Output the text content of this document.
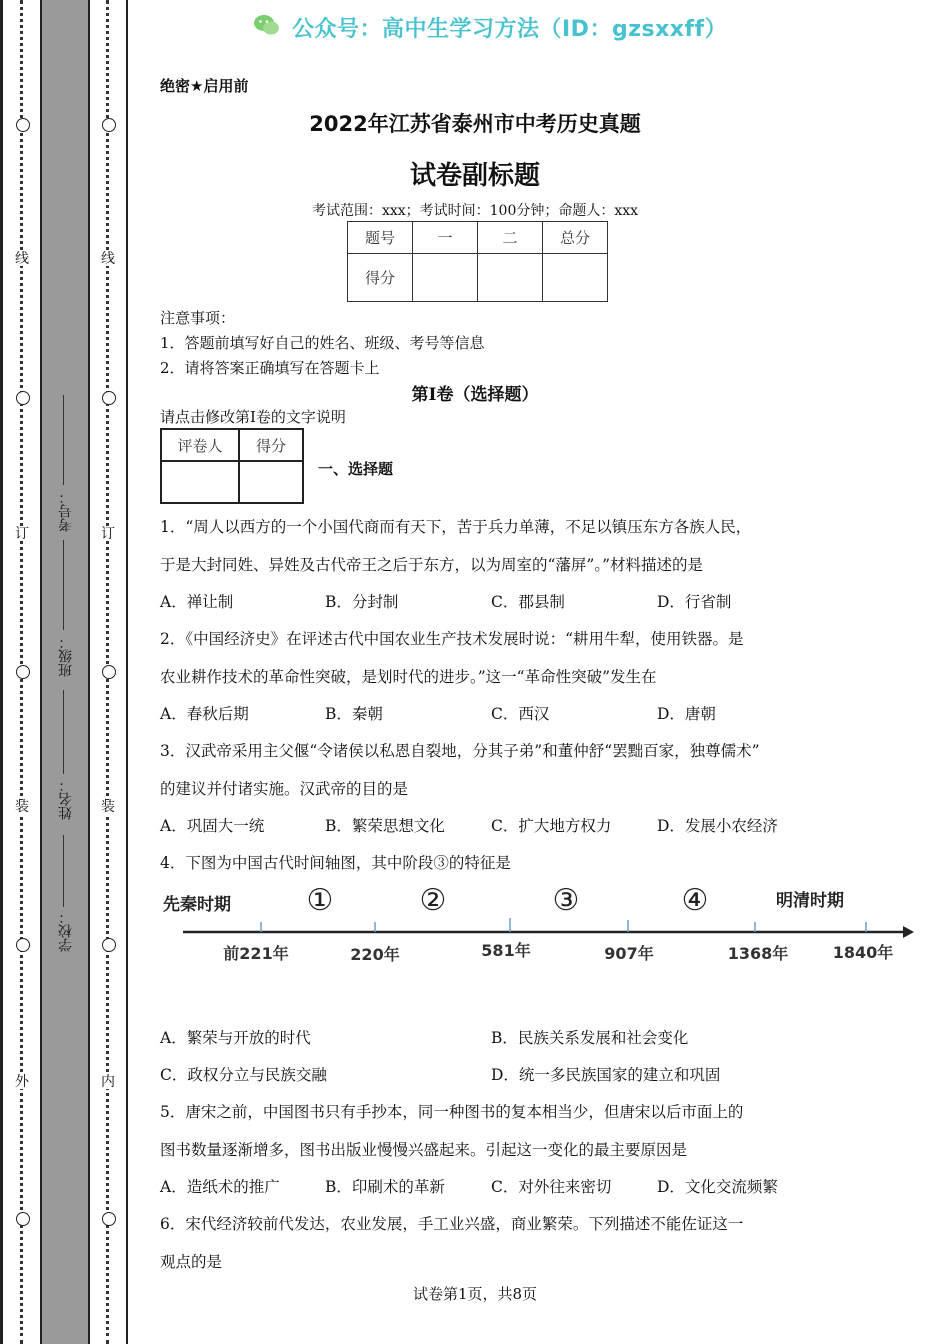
线
订
装
外
线
订
装
内
考号：
班级：
姓名：
学校：
公众号：高中生学习方法（ID：gzsxxff）
绝密★启用前
2022年江苏省泰州市中考历史真题
试卷副标题
考试范围：xxx；考试时间：100分钟；命题人：xxx
题号	一	二	总分
得分			
注意事项：
1．答题前填写好自己的姓名、班级、考号等信息
2．请将答案正确填写在答题卡上
第I卷（选择题）
请点击修改第I卷的文字说明
评卷人	得分

一、选择题
1．“周人以西方的一个小国代商而有天下，苦于兵力单薄，不足以镇压东方各族人民，
于是大封同姓、异姓及古代帝王之后于东方，以为周室的“藩屏”。”材料描述的是
A．禅让制	B．分封制	C．郡县制	D．行省制
2．《中国经济史》在评述古代中国农业生产技术发展时说：“耕用牛犁，使用铁器。是
农业耕作技术的革命性突破，是划时代的进步。”这一“革命性突破”发生在
A．春秋后期	B．秦朝	C．西汉	D．唐朝
3．汉武帝采用主父偃“令诸侯以私恩自裂地，分其子弟”和董仲舒“罢黜百家，独尊儒术”
的建议并付诸实施。汉武帝的目的是
A．巩固大一统	B．繁荣思想文化	C．扩大地方权力	D．发展小农经济
4．下图为中国古代时间轴图，其中阶段③的特征是
先秦时期	明清时期
①	②	③	④
前221年	220年	581年	907年	1368年	1840年
A．繁荣与开放的时代	B．民族关系发展和社会变化
C．政权分立与民族交融	D．统一多民族国家的建立和巩固
5．唐宋之前，中国图书只有手抄本，同一种图书的复本相当少，但唐宋以后市面上的
图书数量逐渐增多，图书出版业慢慢兴盛起来。引起这一变化的最主要原因是
A．造纸术的推广	B．印刷术的革新	C．对外往来密切	D．文化交流频繁
6．宋代经济较前代发达，农业发展，手工业兴盛，商业繁荣。下列描述不能佐证这一
观点的是
试卷第1页，共8页
